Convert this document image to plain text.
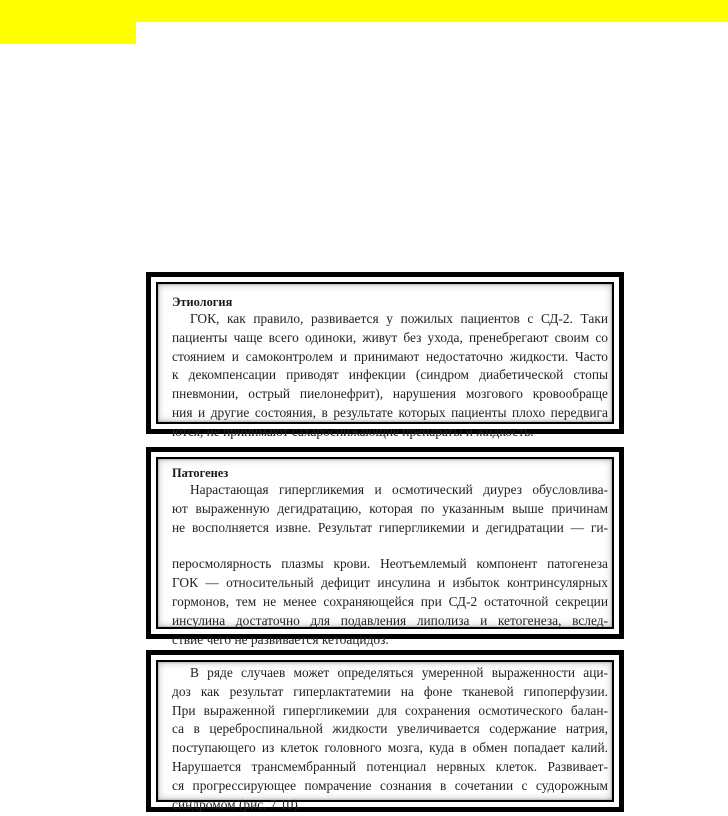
Этиология
ГОК, как правило, развивается у пожилых пациентов с СД-2. Таки
пациенты чаще всего одиноки, живут без ухода, пренебрегают своим со
стоянием и самоконтролем и принимают недостаточно жидкости. Часто
к декомпенсации приводят инфекции (синдром диабетической стопы
пневмонии, острый пиелонефрит), нарушения мозгового кровообраще
ния и другие состояния, в результате которых пациенты плохо передвига
ются, не принимают сахароснижающие препараты и жидкость.
Патогенез
Нарастающая гипергликемия и осмотический диурез обусловлива-
ют выраженную дегидратацию, которая по указанным выше причинам
не восполняется извне. Результат гипергликемии и дегидратации — ги-
перосмолярность плазмы крови. Неотъемлемый компонент патогенеза
ГОК — относительный дефицит инсулина и избыток контринсулярных
гормонов, тем не менее сохраняющейся при СД-2 остаточной секреции
инсулина достаточно для подавления липолиза и кетогенеза, вслед-
ствие чего не развивается кетоацидоз.
В ряде случаев может определяться умеренной выраженности аци-
доз как результат гиперлактатемии на фоне тканевой гипоперфузии.
При выраженной гипергликемии для сохранения осмотического балан-
са в цереброспинальной жидкости увеличивается содержание натрия,
поступающего из клеток головного мозга, куда в обмен попадает калий.
Нарушается трансмембранный потенциал нервных клеток. Развивает-
ся прогрессирующее помрачение сознания в сочетании с судорожным
синдромом (рис. 7.10).
